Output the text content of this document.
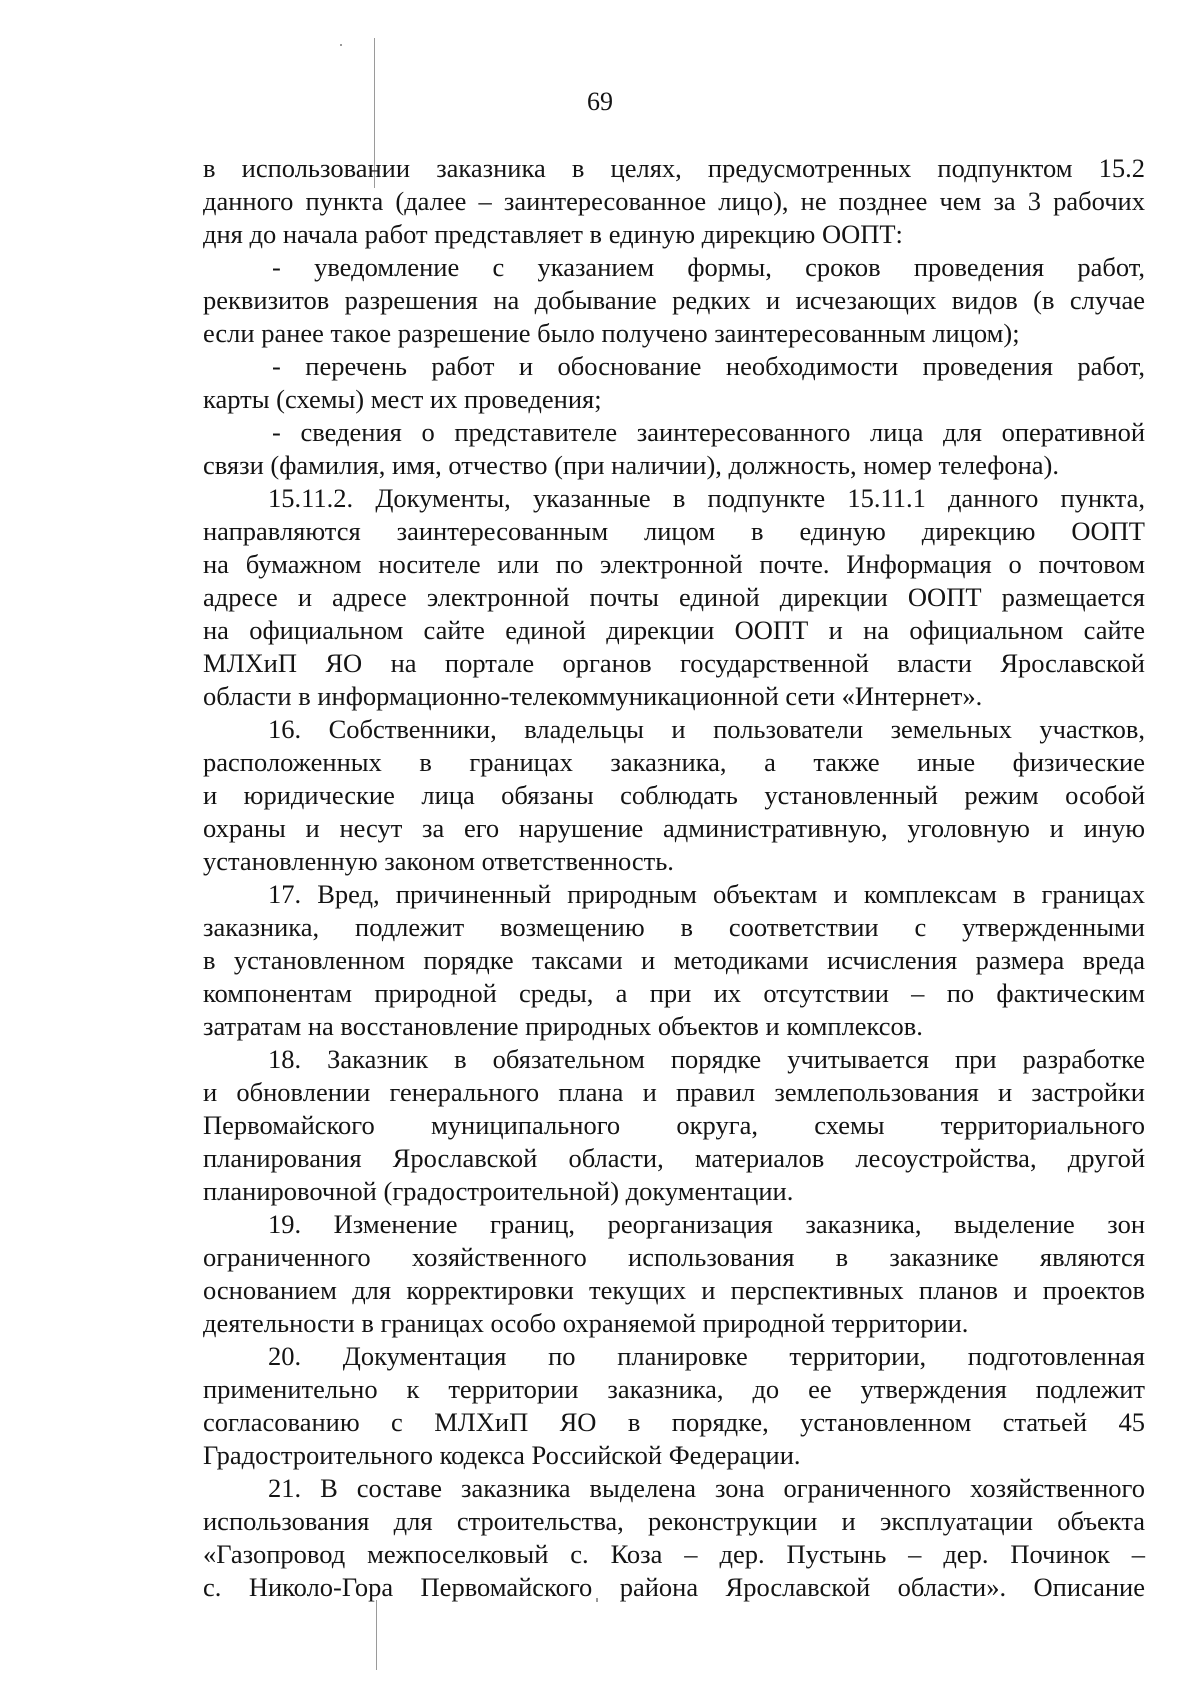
69

в использовании заказника в целях, предусмотренных подпунктом 15.2

данного пункта (далее – заинтересованное лицо), не позднее чем за 3 рабочих

дня до начала работ представляет в единую дирекцию ООПТ:

- уведомление с указанием формы, сроков проведения работ,

реквизитов разрешения на добывание редких и исчезающих видов (в случае

если ранее такое разрешение было получено заинтересованным лицом);

- перечень работ и обоснование необходимости проведения работ,

карты (схемы) мест их проведения;

- сведения о представителе заинтересованного лица для оперативной

связи (фамилия, имя, отчество (при наличии), должность, номер телефона).

15.11.2. Документы, указанные в подпункте 15.11.1 данного пункта,

направляются заинтересованным лицом в единую дирекцию ООПТ

на бумажном носителе или по электронной почте. Информация о почтовом

адресе и адресе электронной почты единой дирекции ООПТ размещается

на официальном сайте единой дирекции ООПТ и на официальном сайте

МЛХиП ЯО на портале органов государственной власти Ярославской

области в информационно-телекоммуникационной сети «Интернет».

16. Собственники, владельцы и пользователи земельных участков,

расположенных в границах заказника, а также иные физические

и юридические лица обязаны соблюдать установленный режим особой

охраны и несут за его нарушение административную, уголовную и иную

установленную законом ответственность.

17. Вред, причиненный природным объектам и комплексам в границах

заказника, подлежит возмещению в соответствии с утвержденными

в установленном порядке таксами и методиками исчисления размера вреда

компонентам природной среды, а при их отсутствии – по фактическим

затратам на восстановление природных объектов и комплексов.

18. Заказник в обязательном порядке учитывается при разработке

и обновлении генерального плана и правил землепользования и застройки

Первомайского муниципального округа, схемы территориального

планирования Ярославской области, материалов лесоустройства, другой

планировочной (градостроительной) документации.

19. Изменение границ, реорганизация заказника, выделение зон

ограниченного хозяйственного использования в заказнике являются

основанием для корректировки текущих и перспективных планов и проектов

деятельности в границах особо охраняемой природной территории.

20. Документация по планировке территории, подготовленная

применительно к территории заказника, до ее утверждения подлежит

согласованию с МЛХиП ЯО в порядке, установленном статьей 45

Градостроительного кодекса Российской Федерации.

21. В составе заказника выделена зона ограниченного хозяйственного

использования для строительства, реконструкции и эксплуатации объекта

«Газопровод межпоселковый с. Коза – дер. Пустынь – дер. Починок –

с. Николо-Гора Первомайского района Ярославской области». Описание
